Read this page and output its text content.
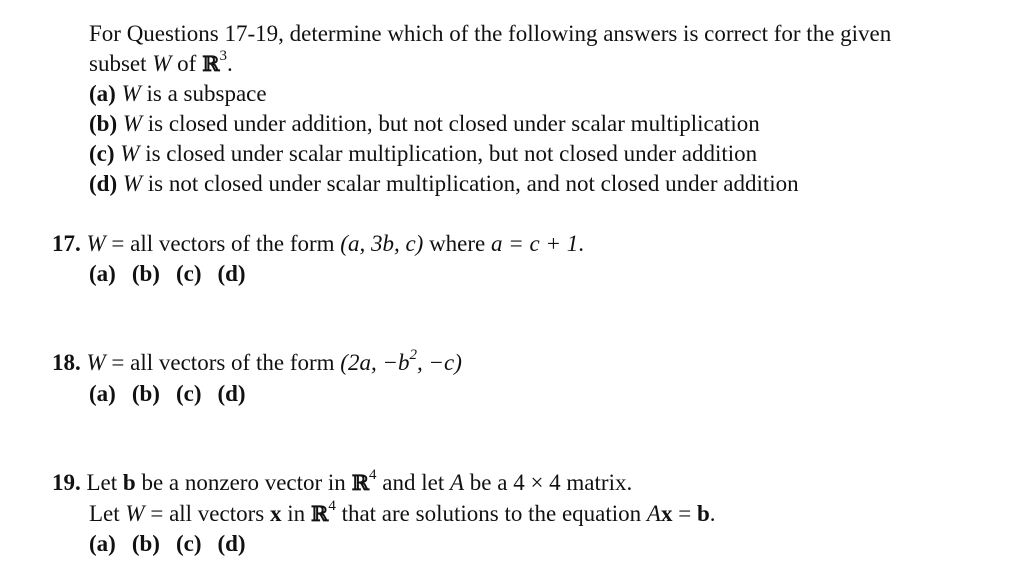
For Questions 17-19, determine which of the following answers is correct for the given
subset W of ℝ$^3$.
(a) W is a subspace
(b) W is closed under addition, but not closed under scalar multiplication
(c) W is closed under scalar multiplication, but not closed under addition
(d) W is not closed under scalar multiplication, and not closed under addition
17. W = all vectors of the form (a, 3b, c) where a = c + 1.
(a) (b) (c) (d)
18. W = all vectors of the form (2a, $-b^2$, −c)
(a) (b) (c) (d)
19. Let b be a nonzero vector in ℝ$^4$ and let A be a 4 × 4 matrix.
Let W = all vectors x in ℝ$^4$ that are solutions to the equation Ax = b.
(a) (b) (c) (d)
